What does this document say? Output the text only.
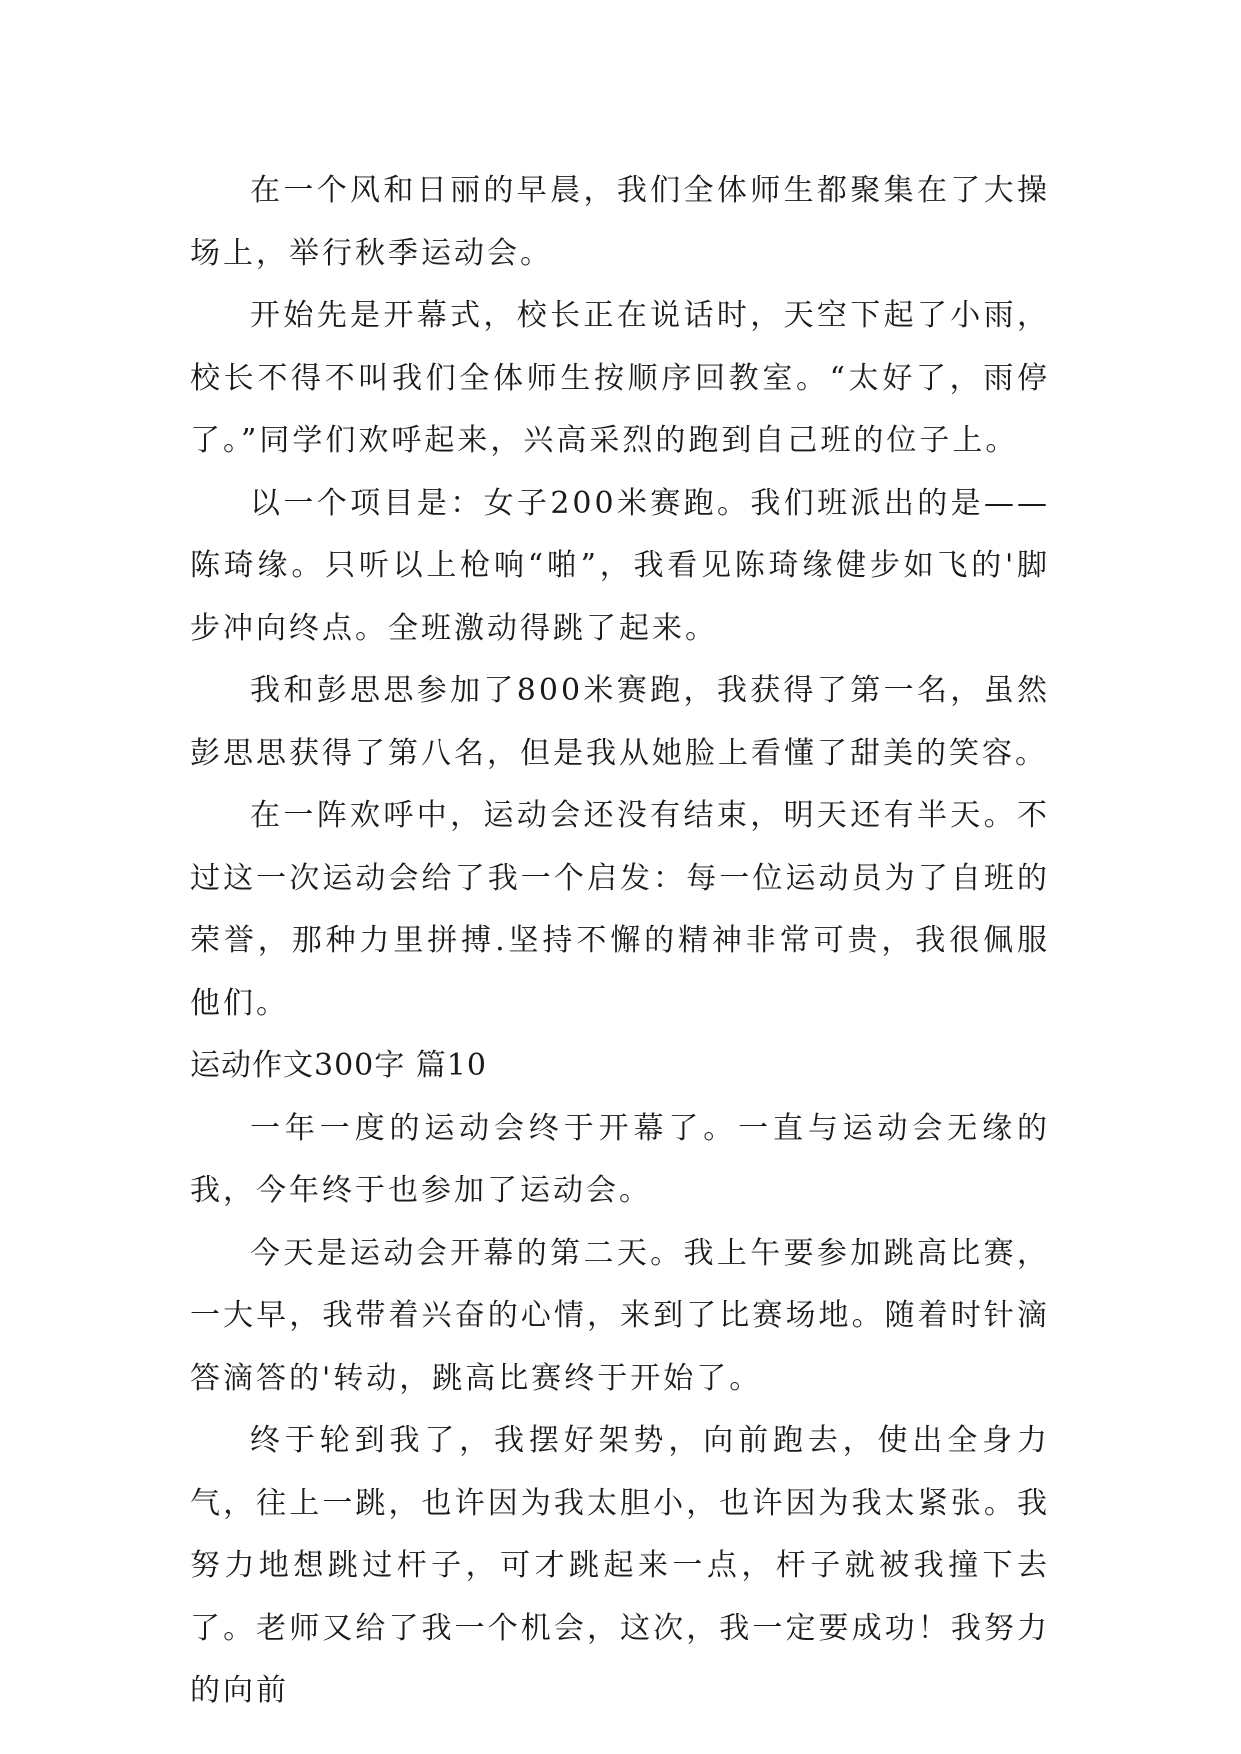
在一个风和日丽的早晨，我们全体师生都聚集在了大操场上，举行秋季运动会。

开始先是开幕式，校长正在说话时，天空下起了小雨，校长不得不叫我们全体师生按顺序回教室。“太好了，雨停了。”同学们欢呼起来，兴高采烈的跑到自己班的位子上。

以一个项目是：女子200米赛跑。我们班派出的是——陈琦缘。只听以上枪响“啪”，我看见陈琦缘健步如飞的'脚步冲向终点。全班激动得跳了起来。

我和彭思思参加了800米赛跑，我获得了第一名，虽然彭思思获得了第八名，但是我从她脸上看懂了甜美的笑容。

在一阵欢呼中，运动会还没有结束，明天还有半天。不过这一次运动会给了我一个启发：每一位运动员为了自班的荣誉，那种力里拼搏.坚持不懈的精神非常可贵，我很佩服他们。

运动作文300字 篇10

一年一度的运动会终于开幕了。一直与运动会无缘的我，今年终于也参加了运动会。

今天是运动会开幕的第二天。我上午要参加跳高比赛，一大早，我带着兴奋的心情，来到了比赛场地。随着时针滴答滴答的'转动，跳高比赛终于开始了。

终于轮到我了，我摆好架势，向前跑去，使出全身力气，往上一跳，也许因为我太胆小，也许因为我太紧张。我努力地想跳过杆子，可才跳起来一点，杆子就被我撞下去了。老师又给了我一个机会，这次，我一定要成功！我努力的向前
